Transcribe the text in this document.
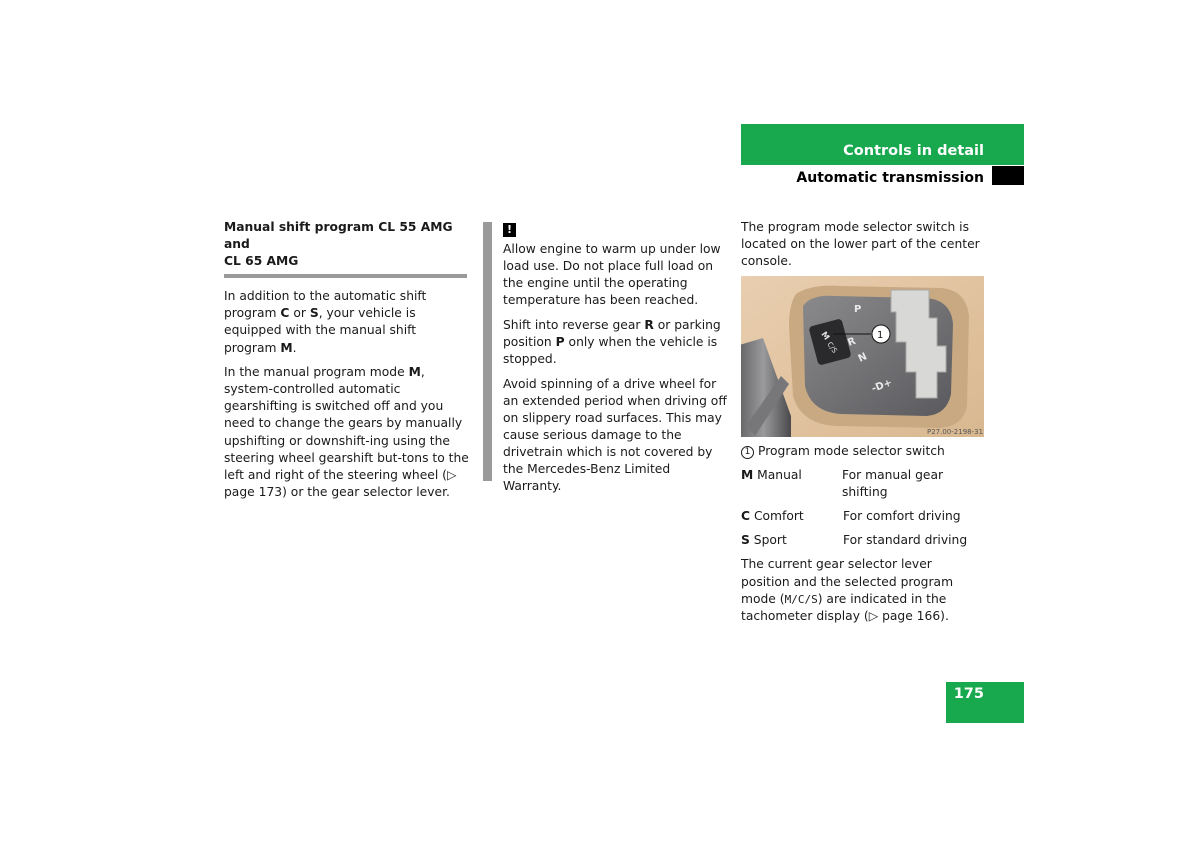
Controls in detail
Automatic transmission
Manual shift program CL 55 AMG and
CL 65 AMG

In addition to the automatic shift program C or S, your vehicle is equipped with the manual shift program M.

In the manual program mode M, system-controlled automatic gearshifting is switched off and you need to change the gears by manually upshifting or downshift-ing using the steering wheel gearshift but-tons to the left and right of the steering wheel (▷ page 173) or the gear selector lever.

!

Allow engine to warm up under low load use. Do not place full load on the engine until the operating temperature has been reached.

Shift into reverse gear R or parking position P only when the vehicle is stopped.

Avoid spinning of a drive wheel for an extended period when driving off on slippery road surfaces. This may cause serious damage to the drivetrain which is not covered by the Mercedes-Benz Limited Warranty.

The program mode selector switch is located on the lower part of the center console.

M
C/S
P
R
N
-D+
1
P27.00-2198-31
1 Program mode selector switch
M Manual	For manual gear shifting
C Comfort	For comfort driving
S Sport	For standard driving

The current gear selector lever position and the selected program mode (M/C/S) are indicated in the tachometer display (▷ page 166).

175
